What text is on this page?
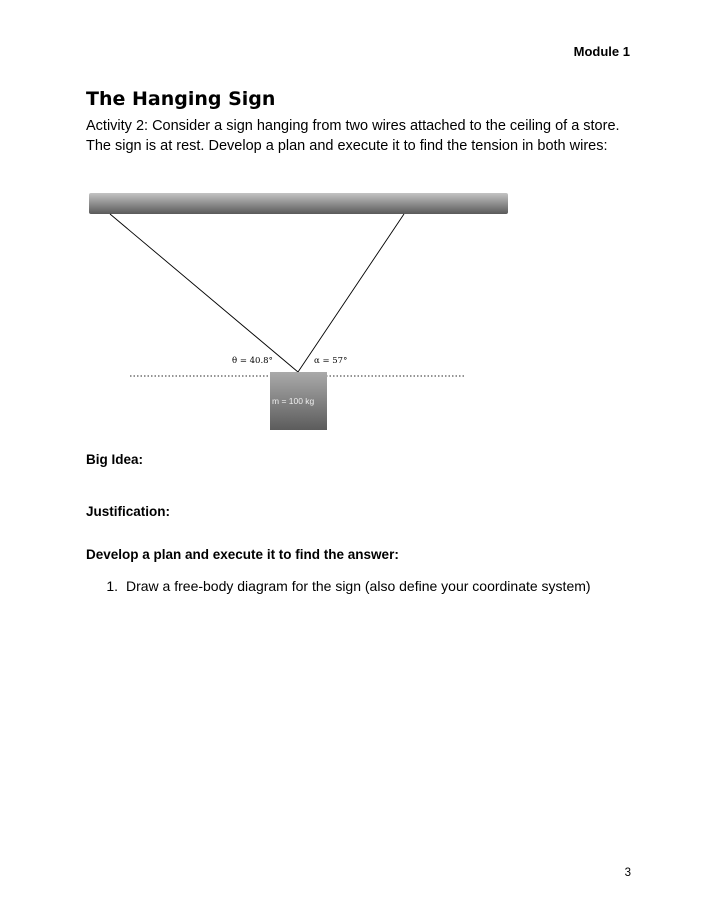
Module 1
The Hanging Sign

Activity 2: Consider a sign hanging from two wires attached to the ceiling of a store. The sign is at rest. Develop a plan and execute it to find the tension in both wires:

θ = 40.8°	α = 57°
m = 100 kg
Big Idea:
Justification:
Develop a plan and execute it to find the answer:
1. Draw a free-body diagram for the sign (also define your coordinate system)
3
